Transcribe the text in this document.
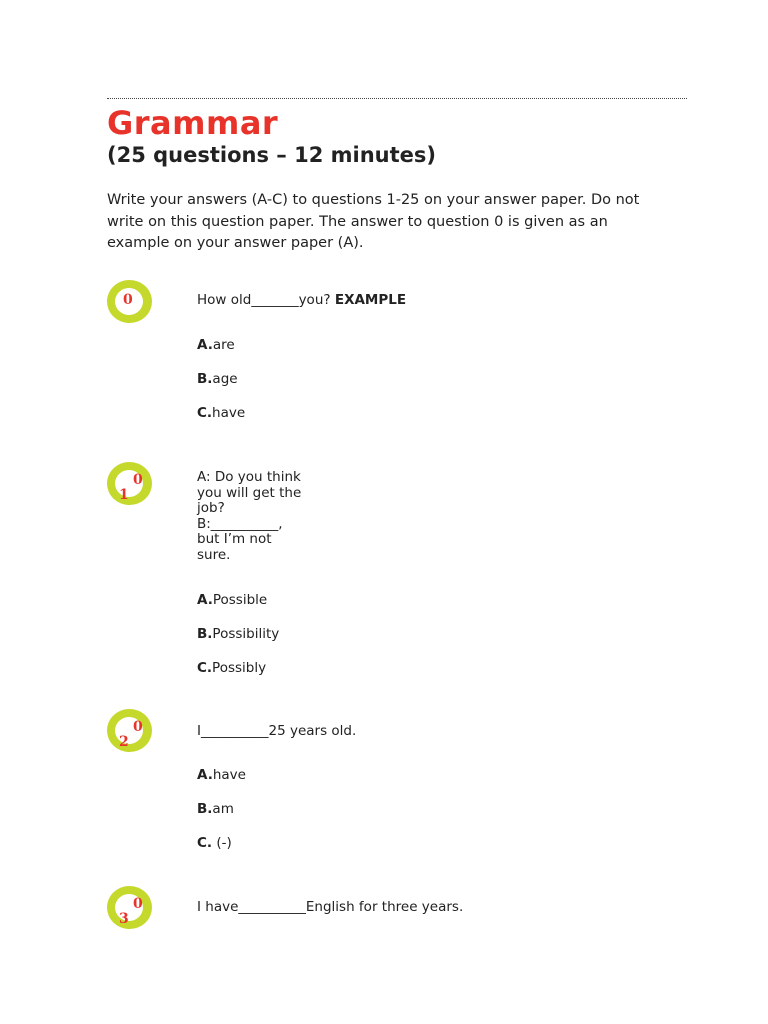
Grammar
(25 questions – 12 minutes)

Write your answers (A-C) to questions 1-25 on your answer paper. Do not write on this question paper. The answer to question 0 is given as an example on your answer paper (A).

0	How old_______you? EXAMPLE

A.are
B.age
C.have
0
1

A: Do you think you will get the job? B:__________, but I’m not sure.

A.Possible
B.Possibility
C.Possibly
0
2

I__________25 years old.

A.have
B.am
C. (-)
0
3

I have__________English for three years.
